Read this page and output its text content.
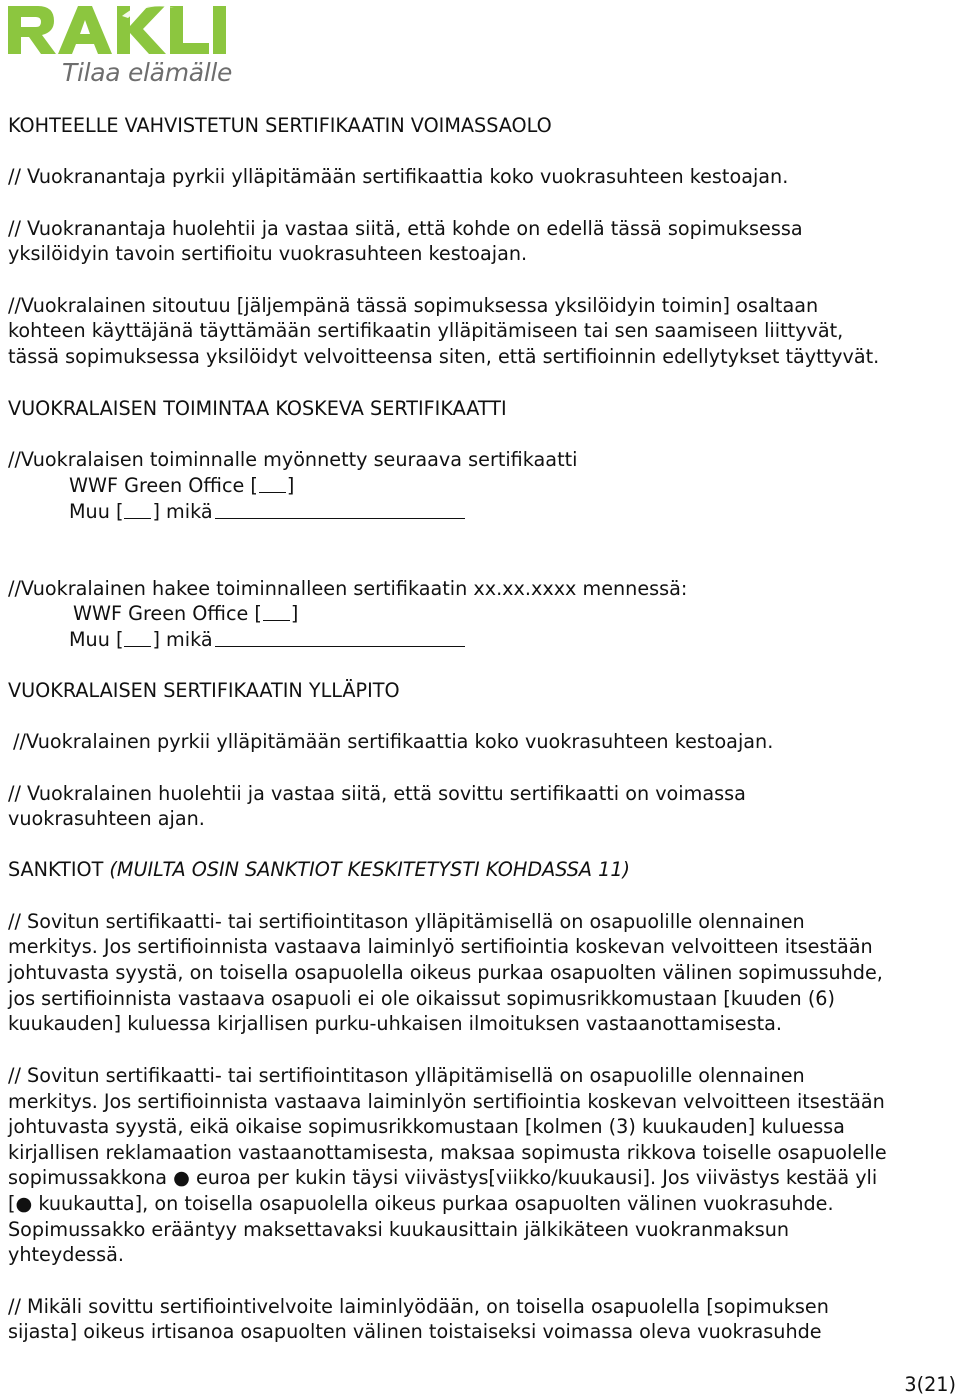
Tilaa elämälle

KOHTEELLE VAHVISTETUN SERTIFIKAATIN VOIMASSAOLO

// Vuokranantaja pyrkii ylläpitämään sertifikaattia koko vuokrasuhteen kestoajan.

// Vuokranantaja huolehtii ja vastaa siitä, että kohde on edellä tässä sopimuksessa

yksilöidyin tavoin sertifioitu vuokrasuhteen kestoajan.

//Vuokralainen sitoutuu [jäljempänä tässä sopimuksessa yksilöidyin toimin] osaltaan

kohteen käyttäjänä täyttämään sertifikaatin ylläpitämiseen tai sen saamiseen liittyvät,

tässä sopimuksessa yksilöidyt velvoitteensa siten, että sertifioinnin edellytykset täyttyvät.

VUOKRALAISEN TOIMINTAA KOSKEVA SERTIFIKAATTI

//Vuokralaisen toiminnalle myönnetty seuraava sertifikaatti

WWF Green Office [ ]

Muu [ ] mikä

//Vuokralainen hakee toiminnalleen sertifikaatin xx.xx.xxxx mennessä:

WWF Green Office [ ]

Muu [ ] mikä

VUOKRALAISEN SERTIFIKAATIN YLLÄPITO

//Vuokralainen pyrkii ylläpitämään sertifikaattia koko vuokrasuhteen kestoajan.

// Vuokralainen huolehtii ja vastaa siitä, että sovittu sertifikaatti on voimassa

vuokrasuhteen ajan.

SANKTIOT (MUILTA OSIN SANKTIOT KESKITETYSTI KOHDASSA 11)

// Sovitun sertifikaatti- tai sertifiointitason ylläpitämisellä on osapuolille olennainen

merkitys. Jos sertifioinnista vastaava laiminlyö sertifiointia koskevan velvoitteen itsestään

johtuvasta syystä, on toisella osapuolella oikeus purkaa osapuolten välinen sopimussuhde,

jos sertifioinnista vastaava osapuoli ei ole oikaissut sopimusrikkomustaan [kuuden (6)

kuukauden] kuluessa kirjallisen purku-uhkaisen ilmoituksen vastaanottamisesta.

// Sovitun sertifikaatti- tai sertifiointitason ylläpitämisellä on osapuolille olennainen

merkitys. Jos sertifioinnista vastaava laiminlyön sertifiointia koskevan velvoitteen itsestään

johtuvasta syystä, eikä oikaise sopimusrikkomustaan [kolmen (3) kuukauden] kuluessa

kirjallisen reklamaation vastaanottamisesta, maksaa sopimusta rikkova toiselle osapuolelle

sopimussakkona ● euroa per kukin täysi viivästys[viikko/kuukausi]. Jos viivästys kestää yli

[● kuukautta], on toisella osapuolella oikeus purkaa osapuolten välinen vuokrasuhde.

Sopimussakko erääntyy maksettavaksi kuukausittain jälkikäteen vuokranmaksun

yhteydessä.

// Mikäli sovittu sertifiointivelvoite laiminlyödään, on toisella osapuolella [sopimuksen

sijasta] oikeus irtisanoa osapuolten välinen toistaiseksi voimassa oleva vuokrasuhde

3(21)
